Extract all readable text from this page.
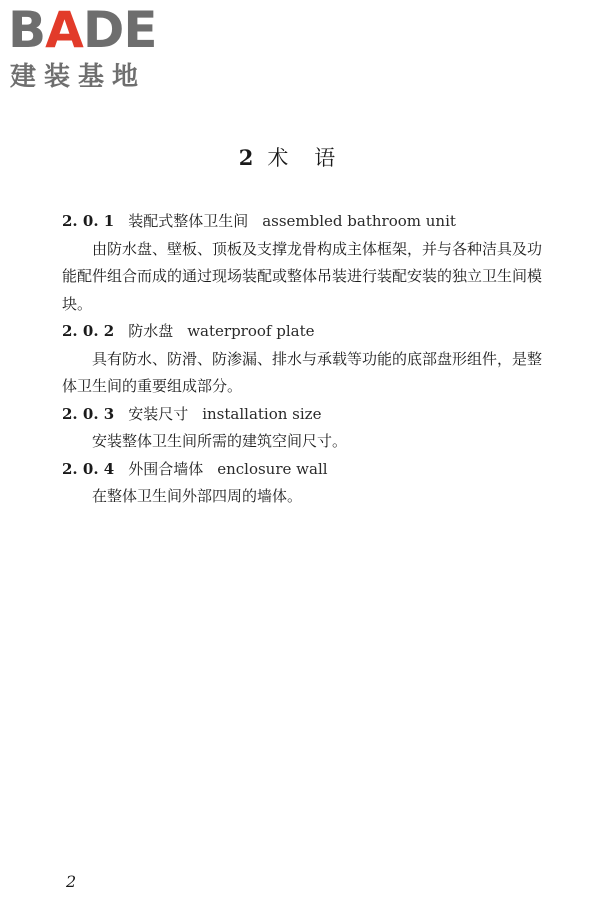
BADE
建装基地
2 术语
2. 0. 1 装配式整体卫生间 assembled bathroom unit

由防水盘、壁板、顶板及支撑龙骨构成主体框架，并与各种洁具及功能配件组合而成的通过现场装配或整体吊装进行装配安装的独立卫生间模块。

2. 0. 2 防水盘 waterproof plate

具有防水、防滑、防渗漏、排水与承载等功能的底部盘形组件，是整体卫生间的重要组成部分。

2. 0. 3 安装尺寸 installation size

安装整体卫生间所需的建筑空间尺寸。

2. 0. 4 外围合墙体 enclosure wall

在整体卫生间外部四周的墙体。

2
